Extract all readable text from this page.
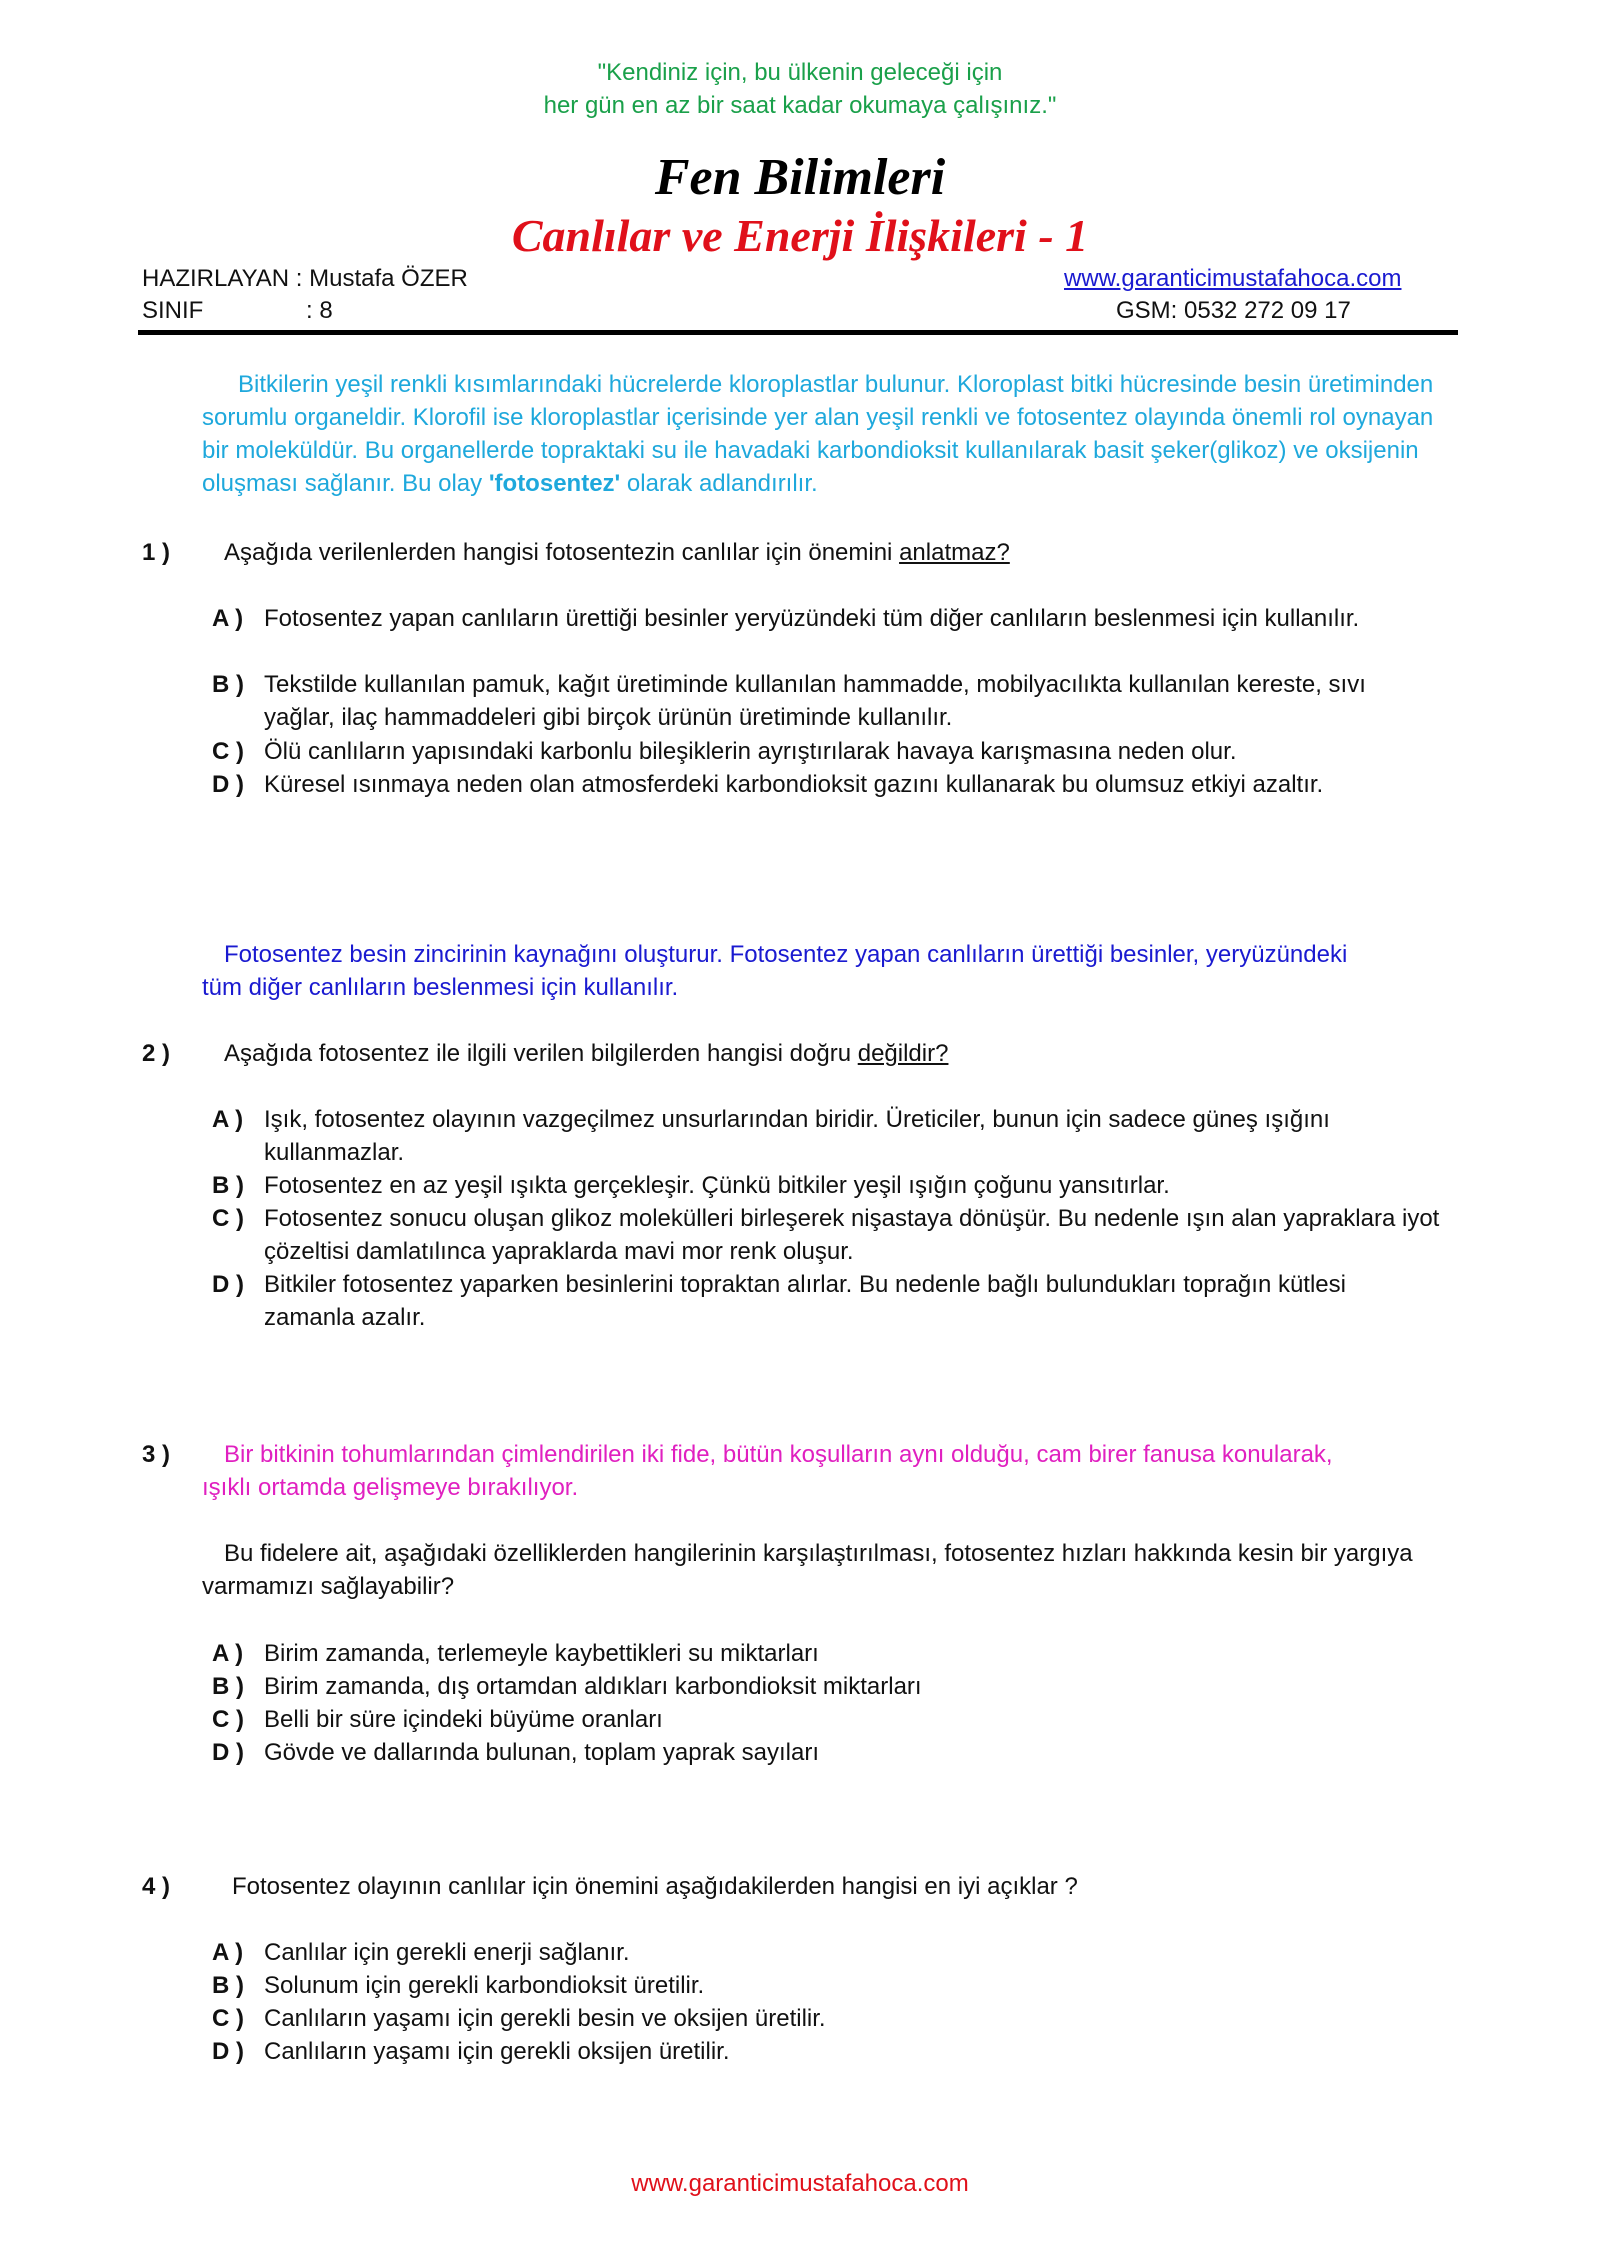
"Kendiniz için, bu ülkenin geleceği için
her gün en az bir saat kadar okumaya çalışınız."
Fen Bilimleri
Canlılar ve Enerji İlişkileri - 1
HAZIRLAYAN : Mustafa ÖZER
SINIF	: 8
www.garanticimustafahoca.com
GSM: 0532 272 09 17
Bitkilerin yeşil renkli kısımlarındaki hücrelerde kloroplastlar bulunur. Kloroplast bitki hücresinde besin üretiminden sorumlu organeldir. Klorofil ise kloroplastlar içerisinde yer alan yeşil renkli ve fotosentez olayında önemli rol oynayan bir moleküldür. Bu organellerde topraktaki su ile havadaki karbondioksit kullanılarak basit şeker(glikoz) ve oksijenin oluşması sağlanır. Bu olay 'fotosentez' olarak adlandırılır.
1 ) Aşağıda verilenlerden hangisi fotosentezin canlılar için önemini anlatmaz?
A ) Fotosentez yapan canlıların ürettiği besinler yeryüzündeki tüm diğer canlıların beslenmesi için kullanılır.
B ) Tekstilde kullanılan pamuk, kağıt üretiminde kullanılan hammadde, mobilyacılıkta kullanılan kereste, sıvı yağlar, ilaç hammaddeleri gibi birçok ürünün üretiminde kullanılır.
C ) Ölü canlıların yapısındaki karbonlu bileşiklerin ayrıştırılarak havaya karışmasına neden olur.
D ) Küresel ısınmaya neden olan atmosferdeki karbondioksit gazını kullanarak bu olumsuz etkiyi azaltır.
Fotosentez besin zincirinin kaynağını oluşturur. Fotosentez yapan canlıların ürettiği besinler, yeryüzündeki tüm diğer canlıların beslenmesi için kullanılır.
2 ) Aşağıda fotosentez ile ilgili verilen bilgilerden hangisi doğru değildir?
A ) Işık, fotosentez olayının vazgeçilmez unsurlarından biridir. Üreticiler, bunun için sadece güneş ışığını kullanmazlar.
B ) Fotosentez en az yeşil ışıkta gerçekleşir. Çünkü bitkiler yeşil ışığın çoğunu yansıtırlar.
C ) Fotosentez sonucu oluşan glikoz molekülleri birleşerek nişastaya dönüşür. Bu nedenle ışın alan yapraklara iyot çözeltisi damlatılınca yapraklarda mavi mor renk oluşur.
D ) Bitkiler fotosentez yaparken besinlerini topraktan alırlar. Bu nedenle bağlı bulundukları toprağın kütlesi zamanla azalır.
3 )	Bir bitkinin tohumlarından çimlendirilen iki fide, bütün koşulların aynı olduğu, cam birer fanusa konularak, ışıklı ortamda gelişmeye bırakılıyor.
Bu fidelere ait, aşağıdaki özelliklerden hangilerinin karşılaştırılması, fotosentez hızları hakkında kesin bir yargıya varmamızı sağlayabilir?
A ) Birim zamanda, terlemeyle kaybettikleri su miktarları
B ) Birim zamanda, dış ortamdan aldıkları karbondioksit miktarları
C ) Belli bir süre içindeki büyüme oranları
D ) Gövde ve dallarında bulunan, toplam yaprak sayıları
4 )	Fotosentez olayının canlılar için önemini aşağıdakilerden hangisi en iyi açıklar ?
A ) Canlılar için gerekli enerji sağlanır.
B ) Solunum için gerekli karbondioksit üretilir.
C ) Canlıların yaşamı için gerekli besin ve oksijen üretilir.
D ) Canlıların yaşamı için gerekli oksijen üretilir.
www.garanticimustafahoca.com
